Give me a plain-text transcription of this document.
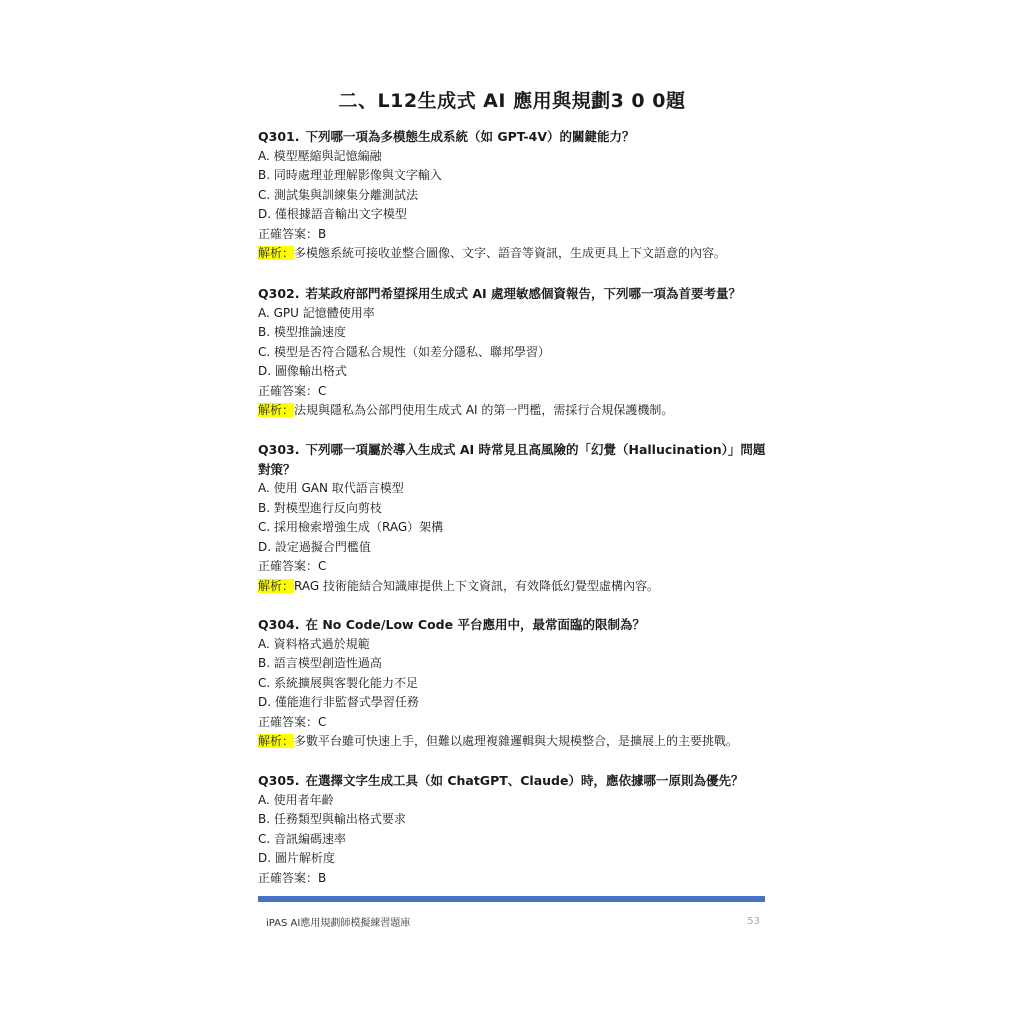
二、L12生成式 AI 應用與規劃3 0 0題
Q301. 下列哪一項為多模態生成系統（如 GPT-4V）的關鍵能力？
A. 模型壓縮與記憶編融
B. 同時處理並理解影像與文字輸入
C. 測試集與訓練集分離測試法
D. 僅根據語音輸出文字模型
正確答案：B
解析：多模態系統可接收並整合圖像、文字、語音等資訊，生成更具上下文語意的內容。
Q302. 若某政府部門希望採用生成式 AI 處理敏感個資報告，下列哪一項為首要考量？
A. GPU 記憶體使用率
B. 模型推論速度
C. 模型是否符合隱私合規性（如差分隱私、聯邦學習）
D. 圖像輸出格式
正確答案：C
解析：法規與隱私為公部門使用生成式 AI 的第一門檻，需採行合規保護機制。
Q303. 下列哪一項屬於導入生成式 AI 時常見且高風險的「幻覺（Hallucination）」問題對策？
A. 使用 GAN 取代語言模型
B. 對模型進行反向剪枝
C. 採用檢索增強生成（RAG）架構
D. 設定過擬合門檻值
正確答案：C
解析：RAG 技術能結合知識庫提供上下文資訊，有效降低幻覺型虛構內容。
Q304. 在 No Code/Low Code 平台應用中，最常面臨的限制為？
A. 資料格式過於規範
B. 語言模型創造性過高
C. 系統擴展與客製化能力不足
D. 僅能進行非監督式學習任務
正確答案：C
解析：多數平台雖可快速上手，但難以處理複雜邏輯與大規模整合，是擴展上的主要挑戰。
Q305. 在選擇文字生成工具（如 ChatGPT、Claude）時，應依據哪一原則為優先？
A. 使用者年齡
B. 任務類型與輸出格式要求
C. 音訊編碼速率
D. 圖片解析度
正確答案：B
iPAS AI應用規劃師模擬練習題庫	53
